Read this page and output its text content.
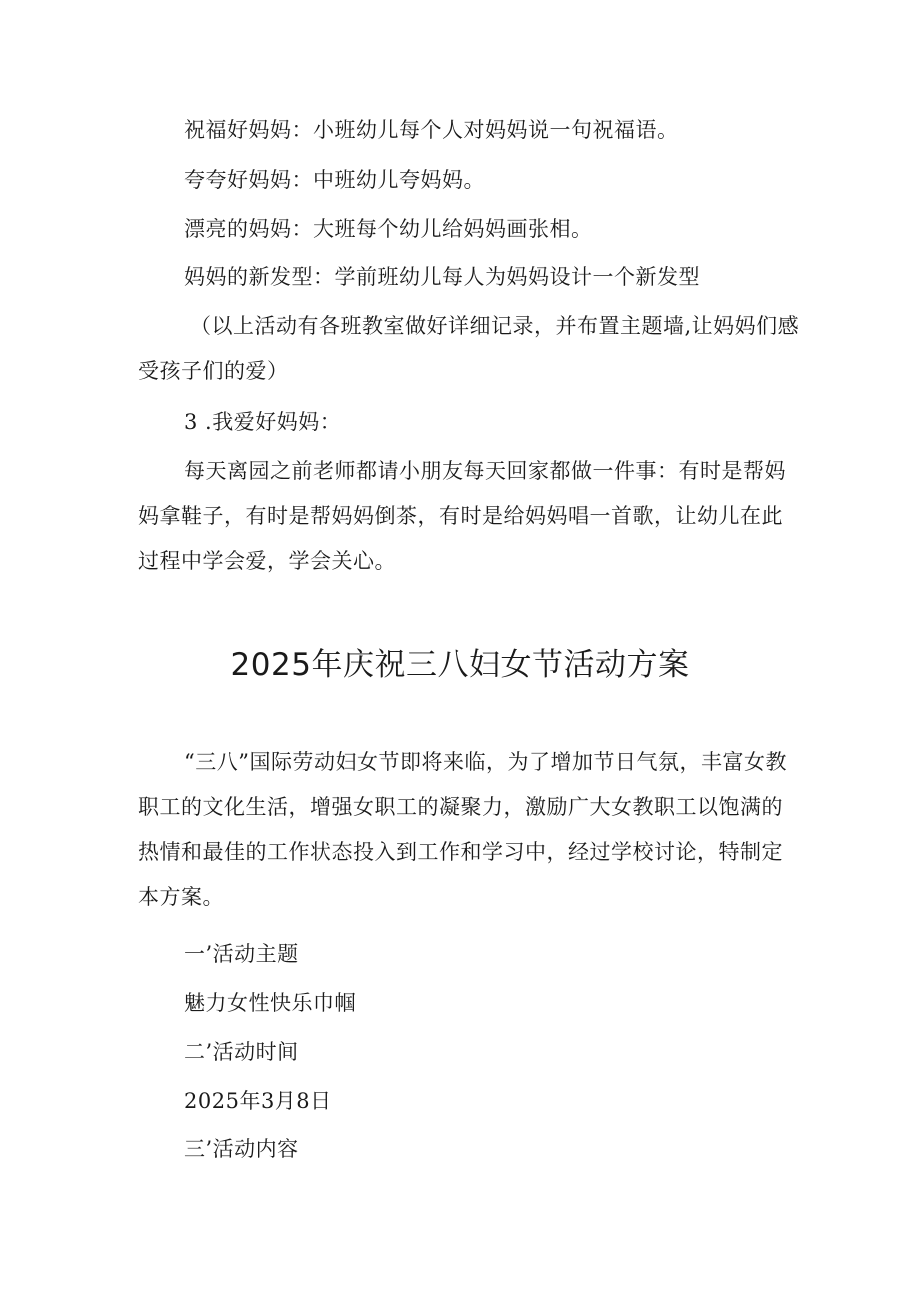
祝福好妈妈：小班幼儿每个人对妈妈说一句祝福语。

夸夸好妈妈：中班幼儿夸妈妈。

漂亮的妈妈：大班每个幼儿给妈妈画张相。

妈妈的新发型：学前班幼儿每人为妈妈设计一个新发型

（以上活动有各班教室做好详细记录，并布置主题墙,让妈妈们感受孩子们的爱）

3 .我爱好妈妈：

每天离园之前老师都请小朋友每天回家都做一件事：有时是帮妈妈拿鞋子，有时是帮妈妈倒茶，有时是给妈妈唱一首歌，让幼儿在此过程中学会爱，学会关心。

2025年庆祝三八妇女节活动方案

“三八”国际劳动妇女节即将来临，为了增加节日气氛，丰富女教职工的文化生活，增强女职工的凝聚力，激励广大女教职工以饱满的热情和最佳的工作状态投入到工作和学习中，经过学校讨论，特制定本方案。

一’活动主题

魅力女性快乐巾帼

二’活动时间

2025年3月8日

三’活动内容
